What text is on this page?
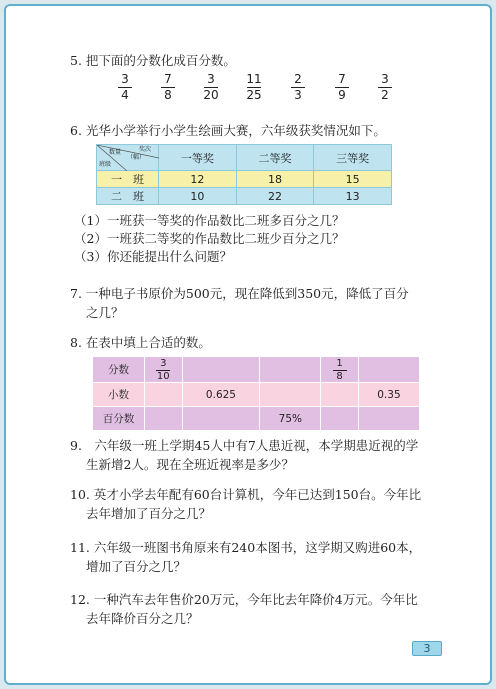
5. 把下面的分数化成百分数。
3
4
7
8
3
20
11
25
2
3
7
9
3
2
6. 光华小学举行小学生绘画大赛，六年级获奖情况如下。
奖次
（幅）
数量
班级	一等奖	二等奖	三等奖
一　班	12	18	15
二　班	10	22	13
（1）一班获一等奖的作品数比二班多百分之几？
（2）一班获二等奖的作品数比二班少百分之几？
（3）你还能提出什么问题？
7. 一种电子书原价为500元，现在降低到350元，降低了百分
之几？
8. 在表中填上合适的数。
分数	$\frac{3}{10}$			$\frac{1}{8}$

小数		0.625			0.35
百分数			75%		
9.　六年级一班上学期45人中有7人患近视，本学期患近视的学
生新增2人。现在全班近视率是多少？
10. 英才小学去年配有60台计算机，今年已达到150台。今年比
去年增加了百分之几？
11. 六年级一班图书角原来有240本图书，这学期又购进60本，
增加了百分之几？
12. 一种汽车去年售价20万元，今年比去年降价4万元。今年比
去年降价百分之几？
3
